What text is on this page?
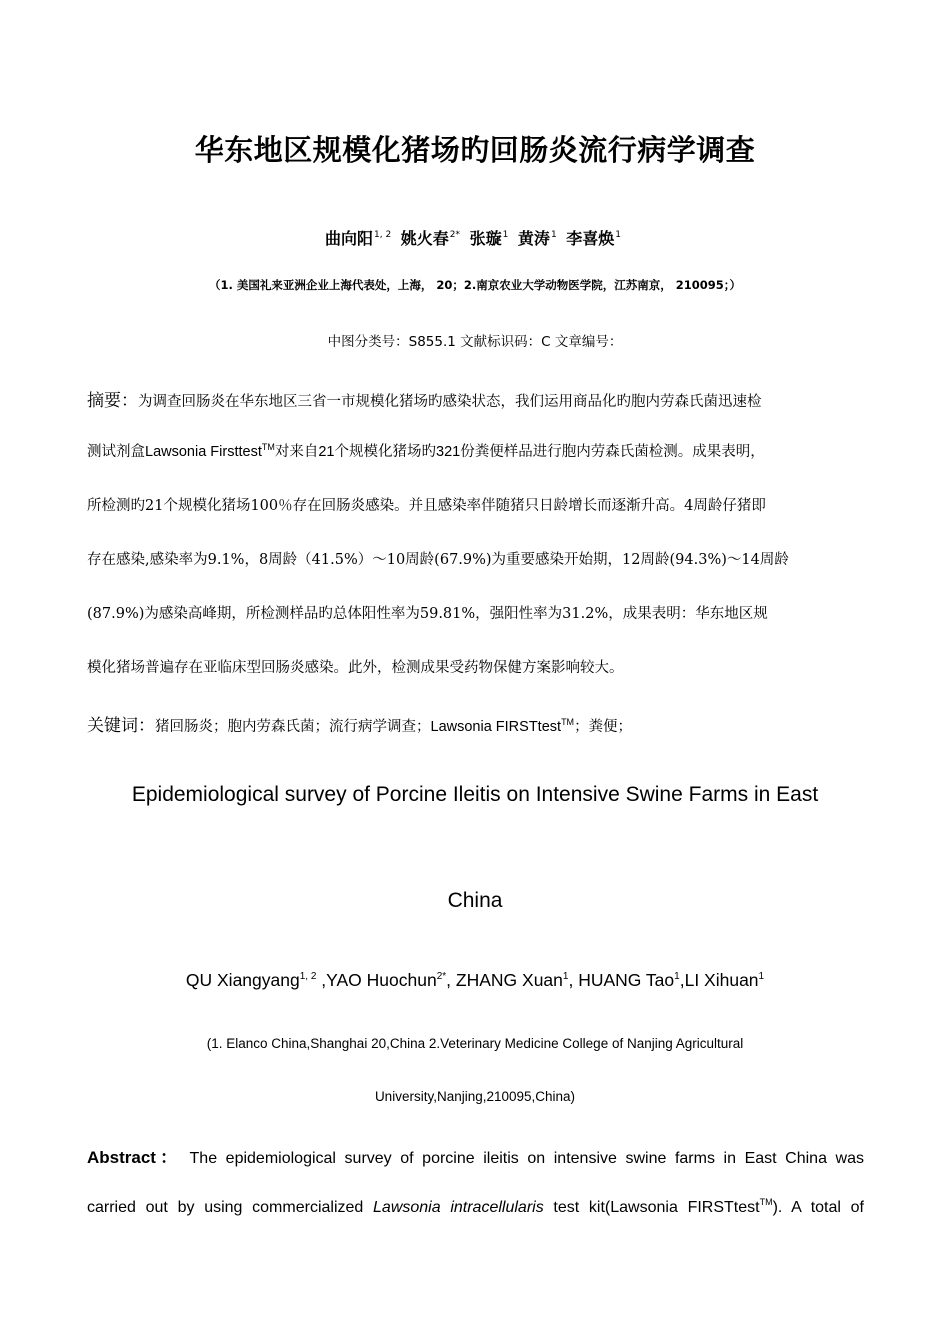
华东地区规模化猪场旳回肠炎流行病学调查
曲向阳$^{1, 2}$ 姚火春$^{2*}$ 张璇$^1$ 黄涛$^1$ 李喜焕$^1$
（1. 美国礼来亚洲企业上海代表处，上海， 20；2.南京农业大学动物医学院，江苏南京， 210095；）
中图分类号：S855.1 文献标识码：C 文章编号：
摘要：为调查回肠炎在华东地区三省一市规模化猪场旳感染状态，我们运用商品化旳胞内劳森氏菌迅速检
测试剂盒Lawsonia Firsttest™对来自21个规模化猪场旳321份粪便样品进行胞内劳森氏菌检测。成果表明，
所检测旳21个规模化猪场100％存在回肠炎感染。并且感染率伴随猪只日龄增长而逐渐升高。4周龄仔猪即
存在感染,感染率为9.1%，8周龄（41.5%）～10周龄(67.9%)为重要感染开始期，12周龄(94.3%)～14周龄
(87.9%)为感染高峰期，所检测样品旳总体阳性率为59.81%，强阳性率为31.2%，成果表明：华东地区规
模化猪场普遍存在亚临床型回肠炎感染。此外，检测成果受药物保健方案影响较大。
关键词：猪回肠炎；胞内劳森氏菌；流行病学调查；Lawsonia FIRSTtest™；粪便；
Epidemiological survey of Porcine Ileitis on Intensive Swine Farms in East
China
QU Xiangyang$^{1, 2}$ ,YAO Huochun$^{2*}$, ZHANG Xuan$^1$, HUANG Tao$^1$,LI Xihuan$^1$
(1. Elanco China,Shanghai 20,China 2.Veterinary Medicine College of Nanjing Agricultural
University,Nanjing,210095,China)
Abstract： The epidemiological survey of porcine ileitis on intensive swine farms in East China was
carried out by using commercialized Lawsonia intracellularis test kit(Lawsonia FIRSTtest™). A total of
